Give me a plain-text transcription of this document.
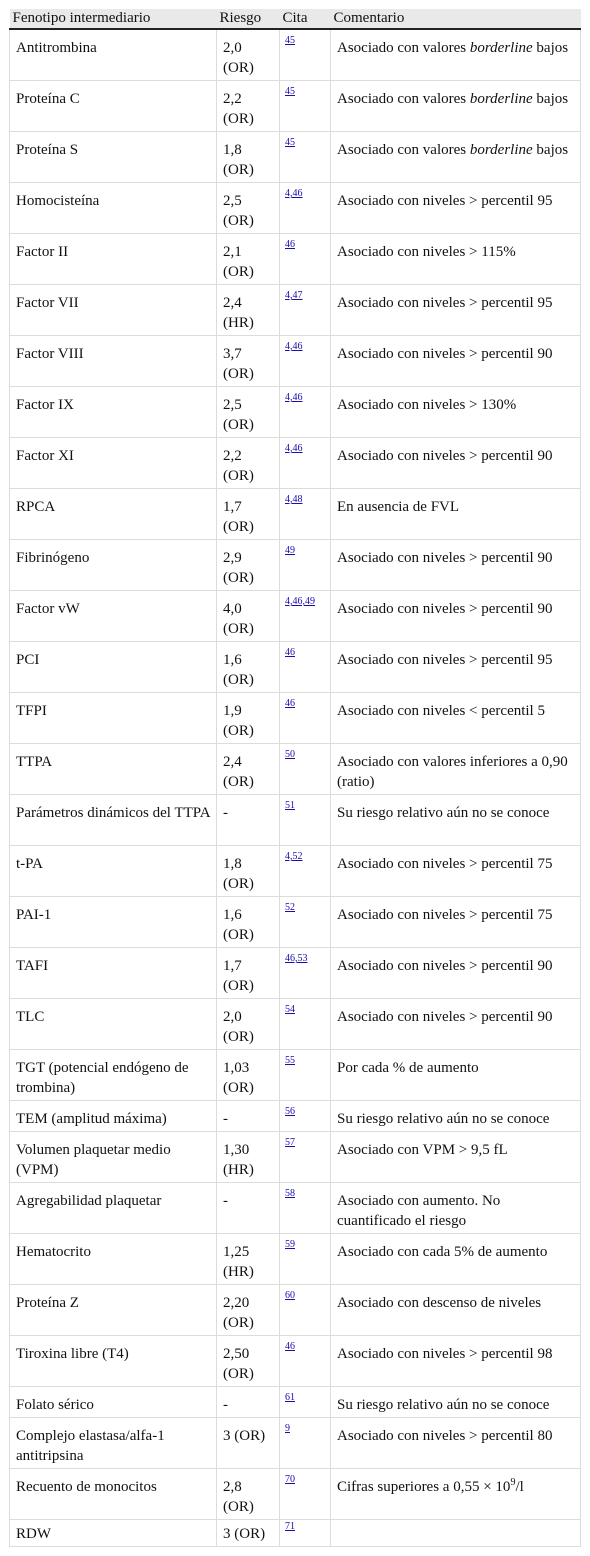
Fenotipo intermediario	Riesgo	Cita	Comentario
Antitrombina	2,0 (OR)	$^{45}$	Asociado con valores borderline bajos
Proteína C	2,2 (OR)	$^{45}$	Asociado con valores borderline bajos
Proteína S	1,8 (OR)	$^{45}$	Asociado con valores borderline bajos
Homocisteína	2,5 (OR)	$^{4,46}$	Asociado con niveles > percentil 95
Factor II	2,1 (OR)	$^{46}$	Asociado con niveles > 115%
Factor VII	2,4 (HR)	$^{4,47}$	Asociado con niveles > percentil 95
Factor VIII	3,7 (OR)	$^{4,46}$	Asociado con niveles > percentil 90
Factor IX	2,5 (OR)	$^{4,46}$	Asociado con niveles > 130%
Factor XI	2,2 (OR)	$^{4,46}$	Asociado con niveles > percentil 90
RPCA	1,7 (OR)	$^{4,48}$	En ausencia de FVL
Fibrinógeno	2,9 (OR)	$^{49}$	Asociado con niveles > percentil 90
Factor vW	4,0 (OR)	$^{4,46,49}$	Asociado con niveles > percentil 90
PCI	1,6 (OR)	$^{46}$	Asociado con niveles > percentil 95
TFPI	1,9 (OR)	$^{46}$	Asociado con niveles < percentil 5
TTPA	2,4 (OR)	$^{50}$	Asociado con valores inferiores a 0,90 (ratio)
Parámetros dinámicos del TTPA	-	$^{51}$	Su riesgo relativo aún no se conoce
t-PA	1,8 (OR)	$^{4,52}$	Asociado con niveles > percentil 75
PAI-1	1,6 (OR)	$^{52}$	Asociado con niveles > percentil 75
TAFI	1,7 (OR)	$^{46,53}$	Asociado con niveles > percentil 90
TLC	2,0 (OR)	$^{54}$	Asociado con niveles > percentil 90
TGT (potencial endógeno de trombina)	1,03 (OR)	$^{55}$	Por cada % de aumento
TEM (amplitud máxima)	-	$^{56}$	Su riesgo relativo aún no se conoce
Volumen plaquetar medio (VPM)	1,30 (HR)	$^{57}$	Asociado con VPM > 9,5 fL
Agregabilidad plaquetar	-	$^{58}$	Asociado con aumento. No cuantificado el riesgo
Hematocrito	1,25 (HR)	$^{59}$	Asociado con cada 5% de aumento
Proteína Z	2,20 (OR)	$^{60}$	Asociado con descenso de niveles
Tiroxina libre (T4)	2,50 (OR)	$^{46}$	Asociado con niveles > percentil 98
Folato sérico	-	$^{61}$	Su riesgo relativo aún no se conoce
Complejo elastasa/alfa-1 antitripsina	3 (OR)	$^9$	Asociado con niveles > percentil 80
Recuento de monocitos	2,8 (OR)	$^{70}$	Cifras superiores a $0,55 \times 10^9/l$
RDW	3 (OR)	$^{71}$	
